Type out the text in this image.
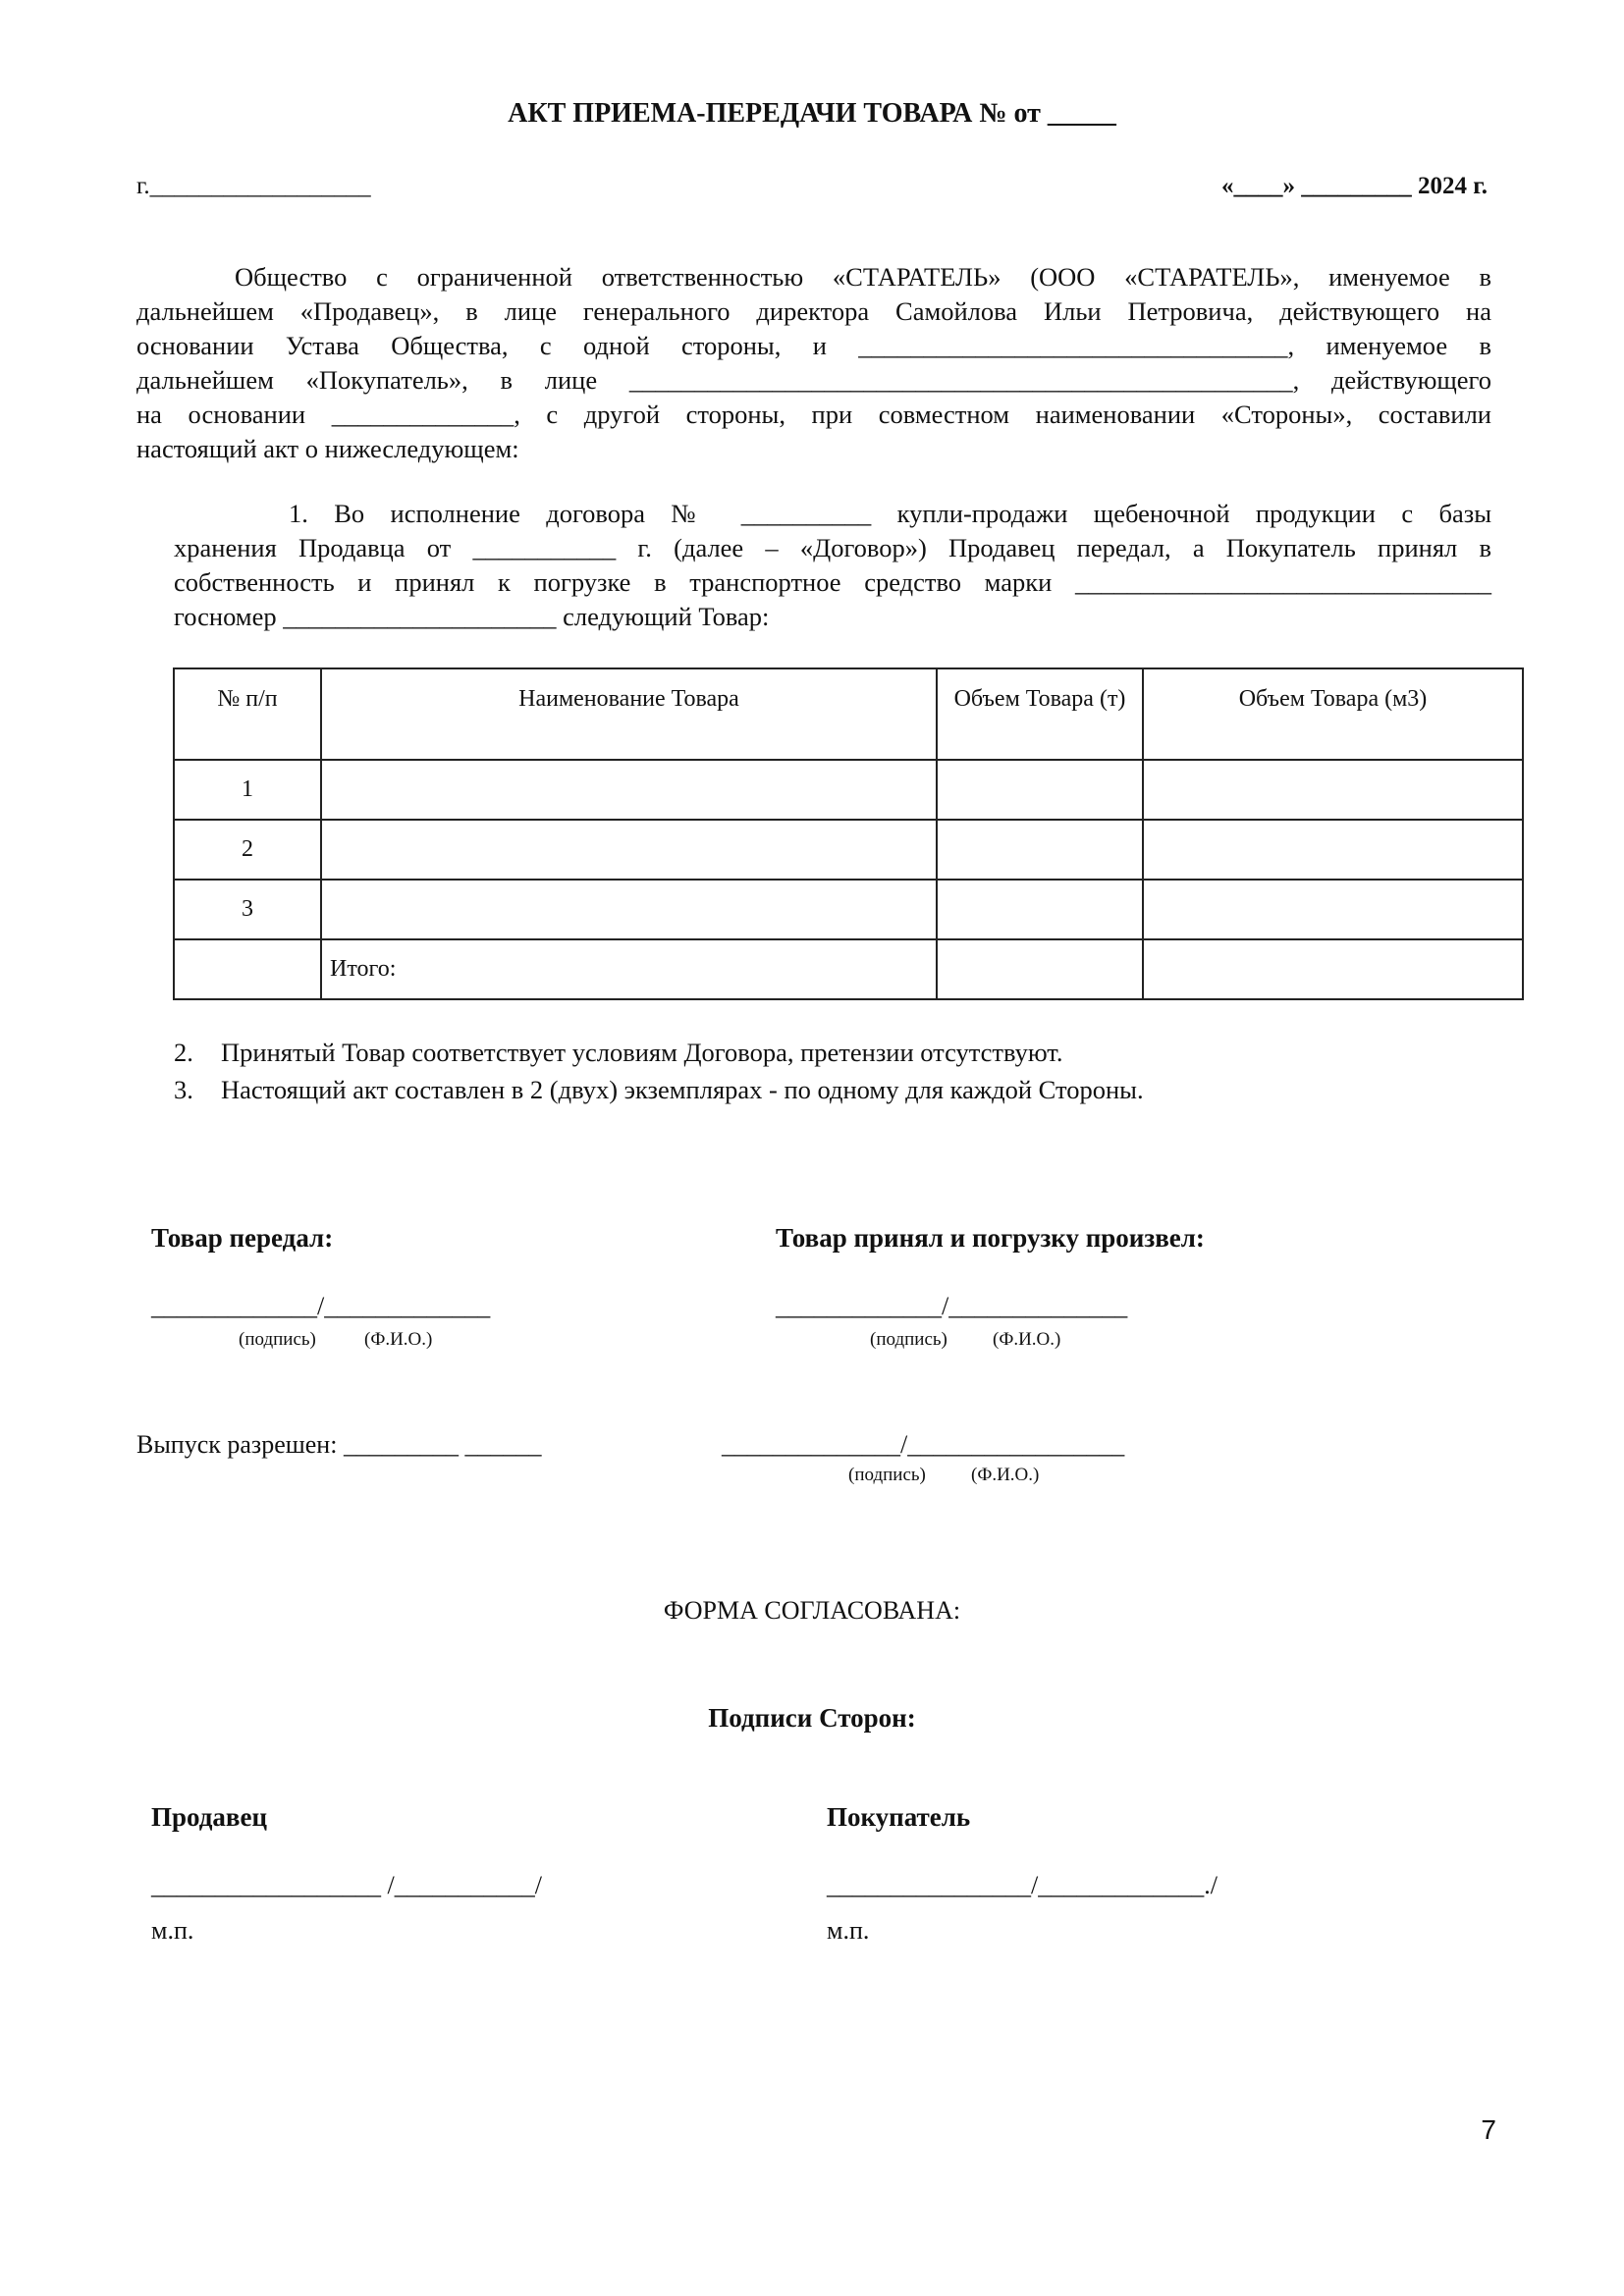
АКТ ПРИЕМА-ПЕРЕДАЧИ ТОВАРА № от _____
г.__________________	«____» _________ 2024 г.
Общество с ограниченной ответственностью «СТАРАТЕЛЬ» (ООО «СТАРАТЕЛЬ», именуемое в
дальнейшем «Продавец», в лице генерального директора Самойлова Ильи Петровича, действующего на
основании Устава Общества, с одной стороны, и _________________________________, именуемое в
дальнейшем «Покупатель», в лице ___________________________________________________, действующего
на основании ______________, с другой стороны, при совместном наименовании «Стороны», составили
настоящий акт о нижеследующем:
1. Во исполнение договора № __________ купли-продажи щебеночной продукции с базы
хранения Продавца от ___________ г. (далее – «Договор») Продавец передал, а Покупатель принял в
собственность и принял к погрузке в транспортное средство марки ________________________________
госномер _____________________ следующий Товар:
№ п/п	Наименование Товара	Объем Товара (т)	Объем Товара (м3)
1			
2			
3			
	Итого:		
2. Принятый Товар соответствует условиям Договора, претензии отсутствуют.
3. Настоящий акт составлен в 2 (двух) экземплярах - по одному для каждой Стороны.
Товар передал:	Товар принял и погрузку произвел:
_____________/_____________
(подпись)	(Ф.И.О.)
_____________/______________
(подпись) (Ф.И.О.)
Выпуск разрешен: _________ ______	______________/_________________
(подпись) (Ф.И.О.)
ФОРМА СОГЛАСОВАНА:
Подписи Сторон:
Продавец	Покупатель
__________________ /___________/	________________/_____________./
м.п.	м.п.
7
